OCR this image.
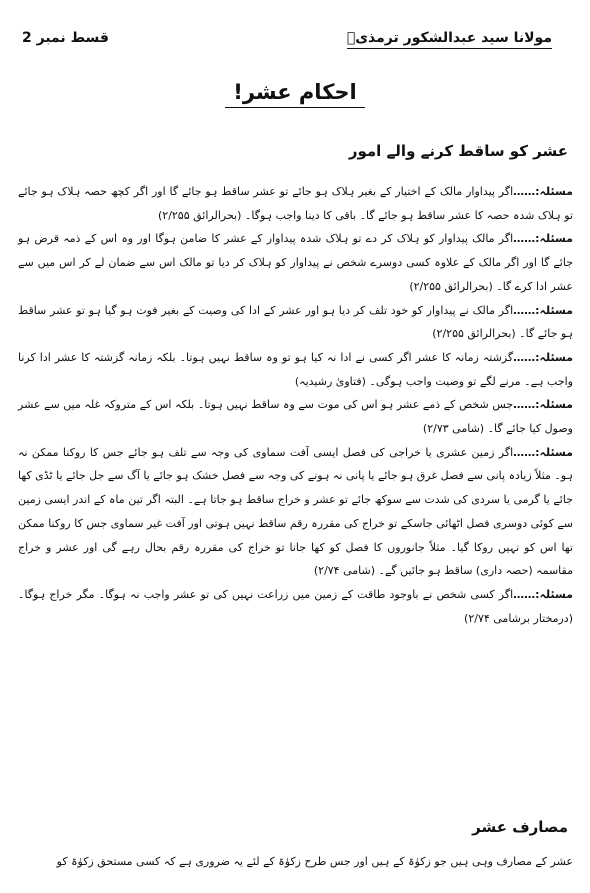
مولانا سید عبدالشکور ترمذیؒ
قسط نمبر 2
احکام عشر!
عشر کو ساقط کرنے والے امور

مسئلہ:……اگر پیداوار مالک کے اختیار کے بغیر ہلاک ہو جائے تو عشر ساقط ہو جائے گا اور اگر کچھ حصہ ہلاک ہو جائے تو ہلاک شدہ حصہ کا عشر ساقط ہو جائے گا۔ باقی کا دینا واجب ہوگا۔ (بحرالرائق ۲/۲۵۵)

مسئلہ:……اگر مالک پیداوار کو ہلاک کر دے تو ہلاک شدہ پیداوار کے عشر کا ضامن ہوگا اور وہ اس کے ذمہ قرض ہو جائے گا اور اگر مالک کے علاوہ کسی دوسرے شخص نے پیداوار کو ہلاک کر دیا تو مالک اس سے ضمان لے کر اس میں سے عشر ادا کرے گا۔ (بحرالرائق ۲/۲۵۵)

مسئلہ:……اگر مالک نے پیداوار کو خود تلف کر دیا ہو اور عشر کے ادا کی وصیت کے بغیر فوت ہو گیا ہو تو عشر ساقط ہو جائے گا۔ (بحرالرائق ۲/۲۵۵)

مسئلہ:……گزشتہ زمانہ کا عشر اگر کسی نے ادا نہ کیا ہو تو وہ ساقط نہیں ہوتا۔ بلکہ زمانہ گزشتہ کا عشر ادا کرنا واجب ہے۔ مرنے لگے تو وصیت واجب ہوگی۔ (فتاویٰ رشیدیہ)

مسئلہ:……جس شخص کے ذمے عشر ہو اس کی موت سے وہ ساقط نہیں ہوتا۔ بلکہ اس کے متروکہ غلہ میں سے عشر وصول کیا جائے گا۔ (شامی ۲/۷۳)

مسئلہ:……اگر زمین عشری یا خراجی کی فصل ایسی آفت سماوی کی وجہ سے تلف ہو جائے جس کا روکنا ممکن نہ ہو۔ مثلاً زیادہ پانی سے فصل غرق ہو جائے یا پانی نہ ہونے کی وجہ سے فصل خشک ہو جائے یا آگ سے جل جائے یا ٹڈی کھا جائے یا گرمی یا سردی کی شدت سے سوکھ جائے تو عشر و خراج ساقط ہو جاتا ہے۔ البتہ اگر تین ماہ کے اندر ایسی زمین سے کوئی دوسری فصل اٹھائی جاسکے تو خراج کی مقررہ رقم ساقط نہیں ہوتی اور آفت غیر سماوی جس کا روکنا ممکن تھا اس کو نہیں روکا گیا۔ مثلاً جانوروں کا فصل کو کھا جانا تو خراج کی مقررہ رقم بحال رہے گی اور عشر و خراج مقاسمہ (حصہ داری) ساقط ہو جائیں گے۔ (شامی ۲/۷۴)

مسئلہ:……اگر کسی شخص نے باوجود طاقت کے زمین میں زراعت نہیں کی تو عشر واجب نہ ہوگا۔ مگر خراج ہوگا۔ (درمختار برشامی ۲/۷۴)

مصارف عشر
عشر کے مصارف وہی ہیں جو زکوٰۃ کے ہیں اور جس طرح زکوٰۃ کے لئے یہ ضروری ہے کہ کسی مستحق زکوٰۃ کو
